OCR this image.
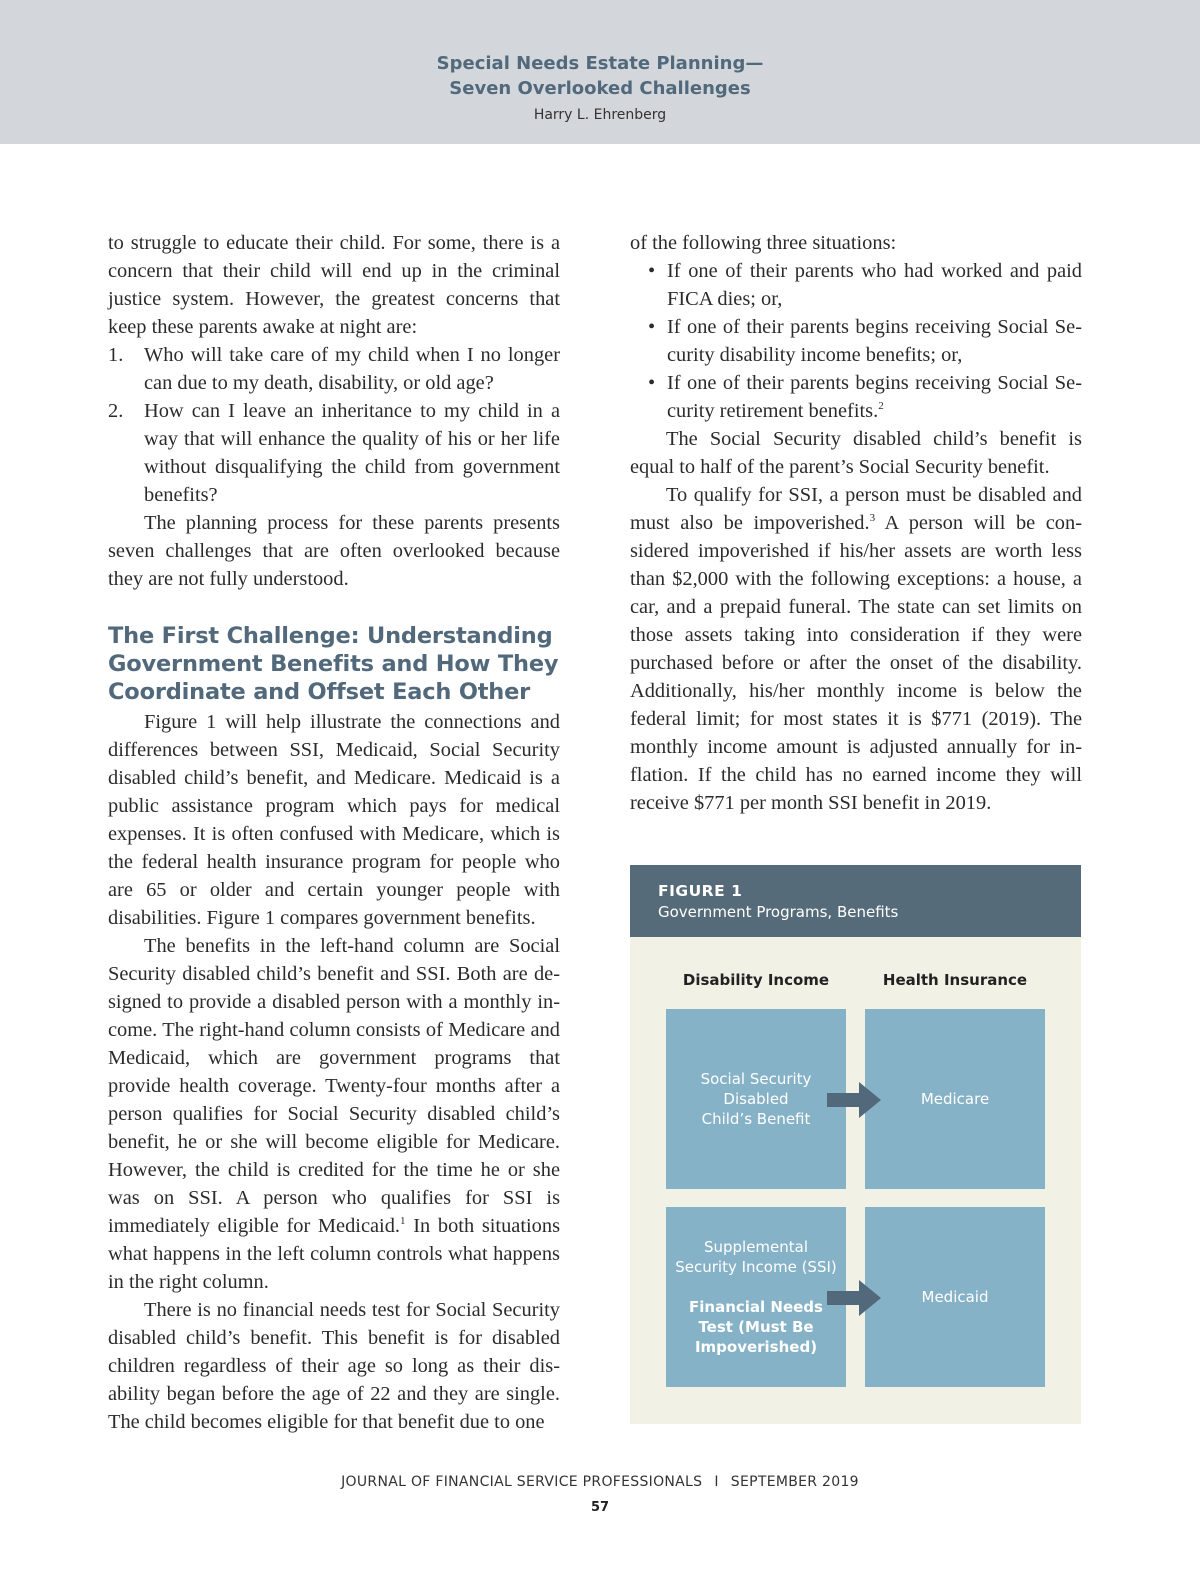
Special Needs Estate Planning—
Seven Overlooked Challenges
Harry L. Ehrenberg

to struggle to educate their child. For some, there is a concern that their child will end up in the criminal justice system. However, the greatest concerns that keep these parents awake at night are:

1. Who will take care of my child when I no longer can due to my death, disability, or old age?
2. How can I leave an inheritance to my child in a way that will enhance the quality of his or her life without disqualifying the child from government benefits?

The planning process for these parents presents seven challenges that are often overlooked because they are not fully understood.

The First Challenge: Understanding Government Benefits and How They Coordinate and Offset Each Other

Figure 1 will help illustrate the connections and differences between SSI, Medicaid, Social Security disabled child’s benefit, and Medicare. Medicaid is a public assistance program which pays for medical expenses. It is often confused with Medicare, which is the federal health insurance program for people who are 65 or older and certain younger people with disabilities. Figure 1 compares government benefits.

The benefits in the left-hand column are Social Security disabled child’s benefit and SSI. Both are designed to provide a disabled person with a monthly income. The right-hand column consists of Medicare and Medicaid, which are government programs that provide health coverage. Twenty-four months after a person qualifies for Social Security disabled child’s benefit, he or she will become eligible for Medicare. However, the child is credited for the time he or she was on SSI. A person who qualifies for SSI is immediately eligible for Medicaid.$^1$ In both situations what happens in the left column controls what happens in the right column.

There is no financial needs test for Social Security disabled child’s benefit. This benefit is for disabled children regardless of their age so long as their disability began before the age of 22 and they are single. The child becomes eligible for that benefit due to one

of the following three situations:

• If one of their parents who had worked and paid FICA dies; or,
• If one of their parents begins receiving Social Security disability income benefits; or,
• If one of their parents begins receiving Social Security retirement benefits.$^2$

The Social Security disabled child’s benefit is equal to half of the parent’s Social Security benefit.

To qualify for SSI, a person must be disabled and must also be impoverished.$^3$ A person will be considered impoverished if his/her assets are worth less than $2,000 with the following exceptions: a house, a car, and a prepaid funeral. The state can set limits on those assets taking into consideration if they were purchased before or after the onset of the disability. Additionally, his/her monthly income is below the federal limit; for most states it is $771 (2019). The monthly income amount is adjusted annually for inflation. If the child has no earned income they will receive $771 per month SSI benefit in 2019.

FIGURE 1
Government Programs, Benefits
Disability Income	Health Insurance
Social Security
Disabled
Child’s Benefit
Medicare
Supplemental
Security Income (SSI)
Financial Needs
Test (Must Be
Impoverished)
Medicaid
JOURNAL OF FINANCIAL SERVICE PROFESSIONALS I SEPTEMBER 2019
57
